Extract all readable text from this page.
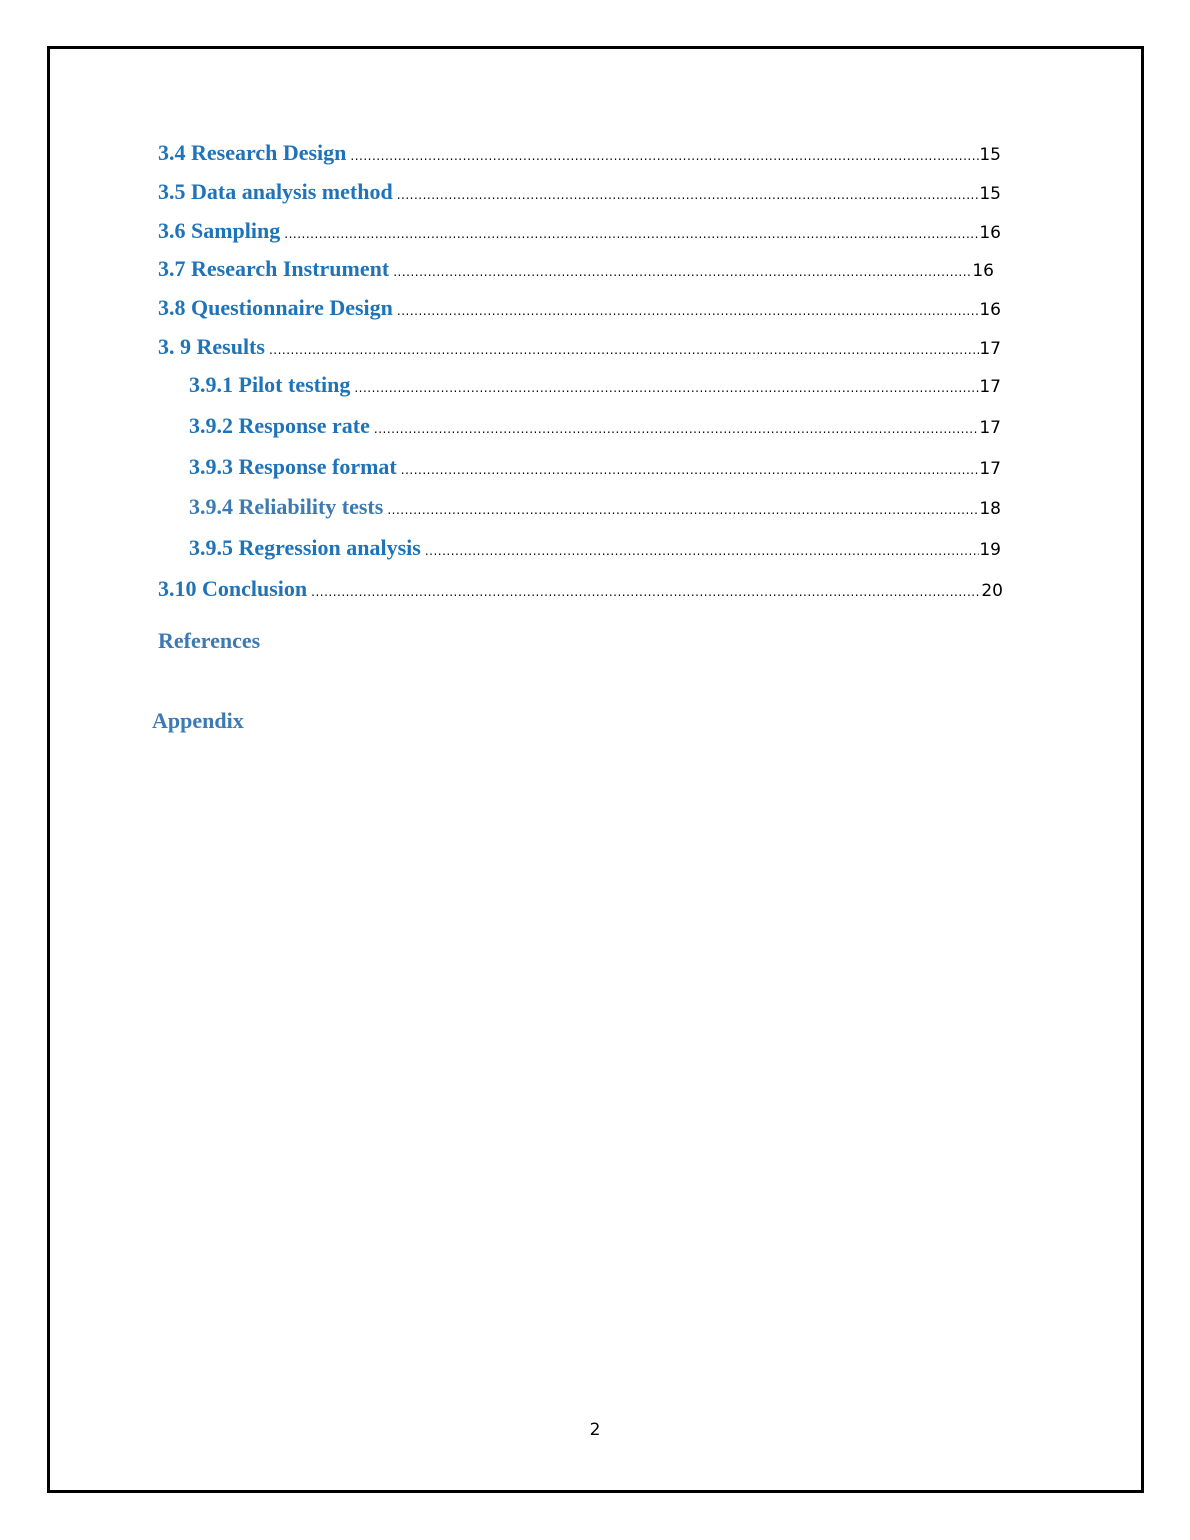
3.4 Research Design .....	15
3.5 Data analysis method .....	15
3.6 Sampling .....	16
3.7 Research Instrument .....	16
3.8 Questionnaire Design .....	16
3. 9 Results .....	17
3.9.1 Pilot testing .....	17
3.9.2 Response rate .....	17
3.9.3 Response format .....	17
3.9.4 Reliability tests .....	18
3.9.5 Regression analysis .....	19
3.10 Conclusion .....	20
References
Appendix
2
